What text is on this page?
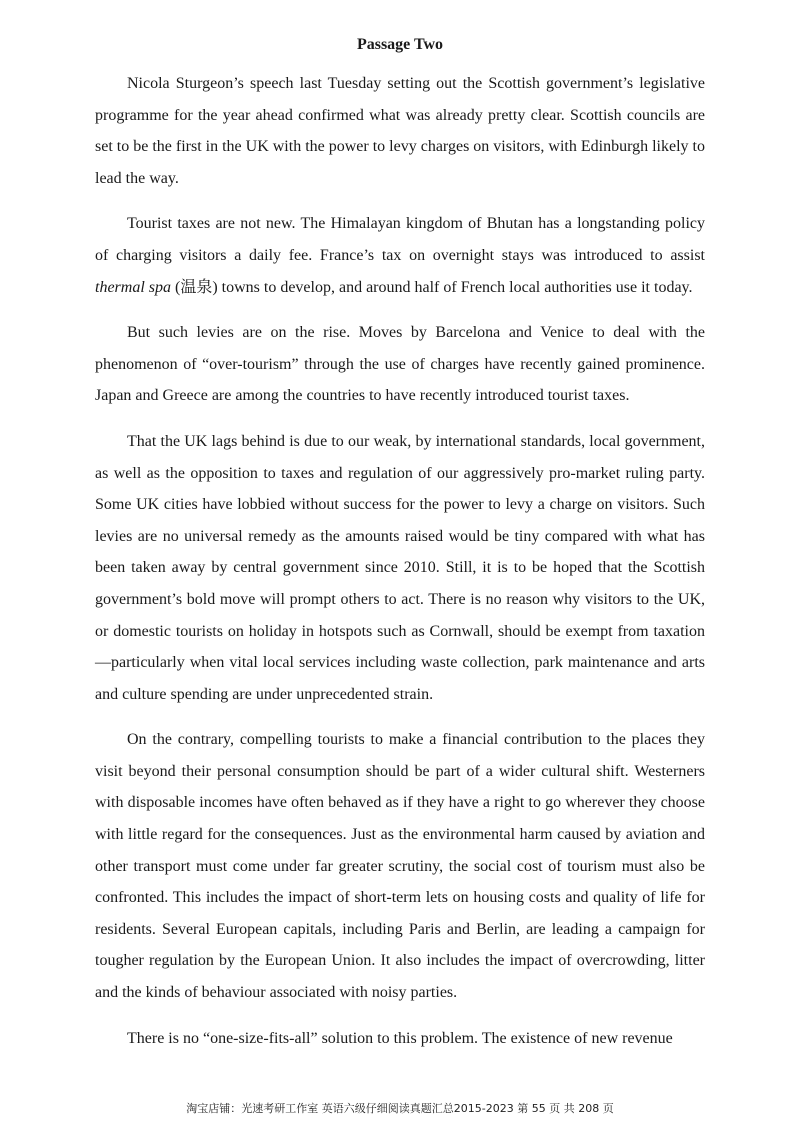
Passage Two

Nicola Sturgeon’s speech last Tuesday setting out the Scottish government’s legislative programme for the year ahead confirmed what was already pretty clear. Scottish councils are set to be the first in the UK with the power to levy charges on visitors, with Edinburgh likely to lead the way.

Tourist taxes are not new. The Himalayan kingdom of Bhutan has a longstanding policy of charging visitors a daily fee. France’s tax on overnight stays was introduced to assist thermal spa (温泉) towns to develop, and around half of French local authorities use it today.

But such levies are on the rise. Moves by Barcelona and Venice to deal with the phenomenon of “over-tourism” through the use of charges have recently gained prominence. Japan and Greece are among the countries to have recently introduced tourist taxes.

That the UK lags behind is due to our weak, by international standards, local government, as well as the opposition to taxes and regulation of our aggressively pro-market ruling party. Some UK cities have lobbied without success for the power to levy a charge on visitors. Such levies are no universal remedy as the amounts raised would be tiny compared with what has been taken away by central government since 2010. Still, it is to be hoped that the Scottish government’s bold move will prompt others to act. There is no reason why visitors to the UK, or domestic tourists on holiday in hotspots such as Cornwall, should be exempt from taxation—particularly when vital local services including waste collection, park maintenance and arts and culture spending are under unprecedented strain.

On the contrary, compelling tourists to make a financial contribution to the places they visit beyond their personal consumption should be part of a wider cultural shift. Westerners with disposable incomes have often behaved as if they have a right to go wherever they choose with little regard for the consequences. Just as the environmental harm caused by aviation and other transport must come under far greater scrutiny, the social cost of tourism must also be confronted. This includes the impact of short-term lets on housing costs and quality of life for residents. Several European capitals, including Paris and Berlin, are leading a campaign for tougher regulation by the European Union. It also includes the impact of overcrowding, litter and the kinds of behaviour associated with noisy parties.

There is no “one-size-fits-all” solution to this problem. The existence of new revenue

淘宝店铺：光速考研工作室 英语六级仔细阅读真题汇总2015-2023 第 55 页 共 208 页
